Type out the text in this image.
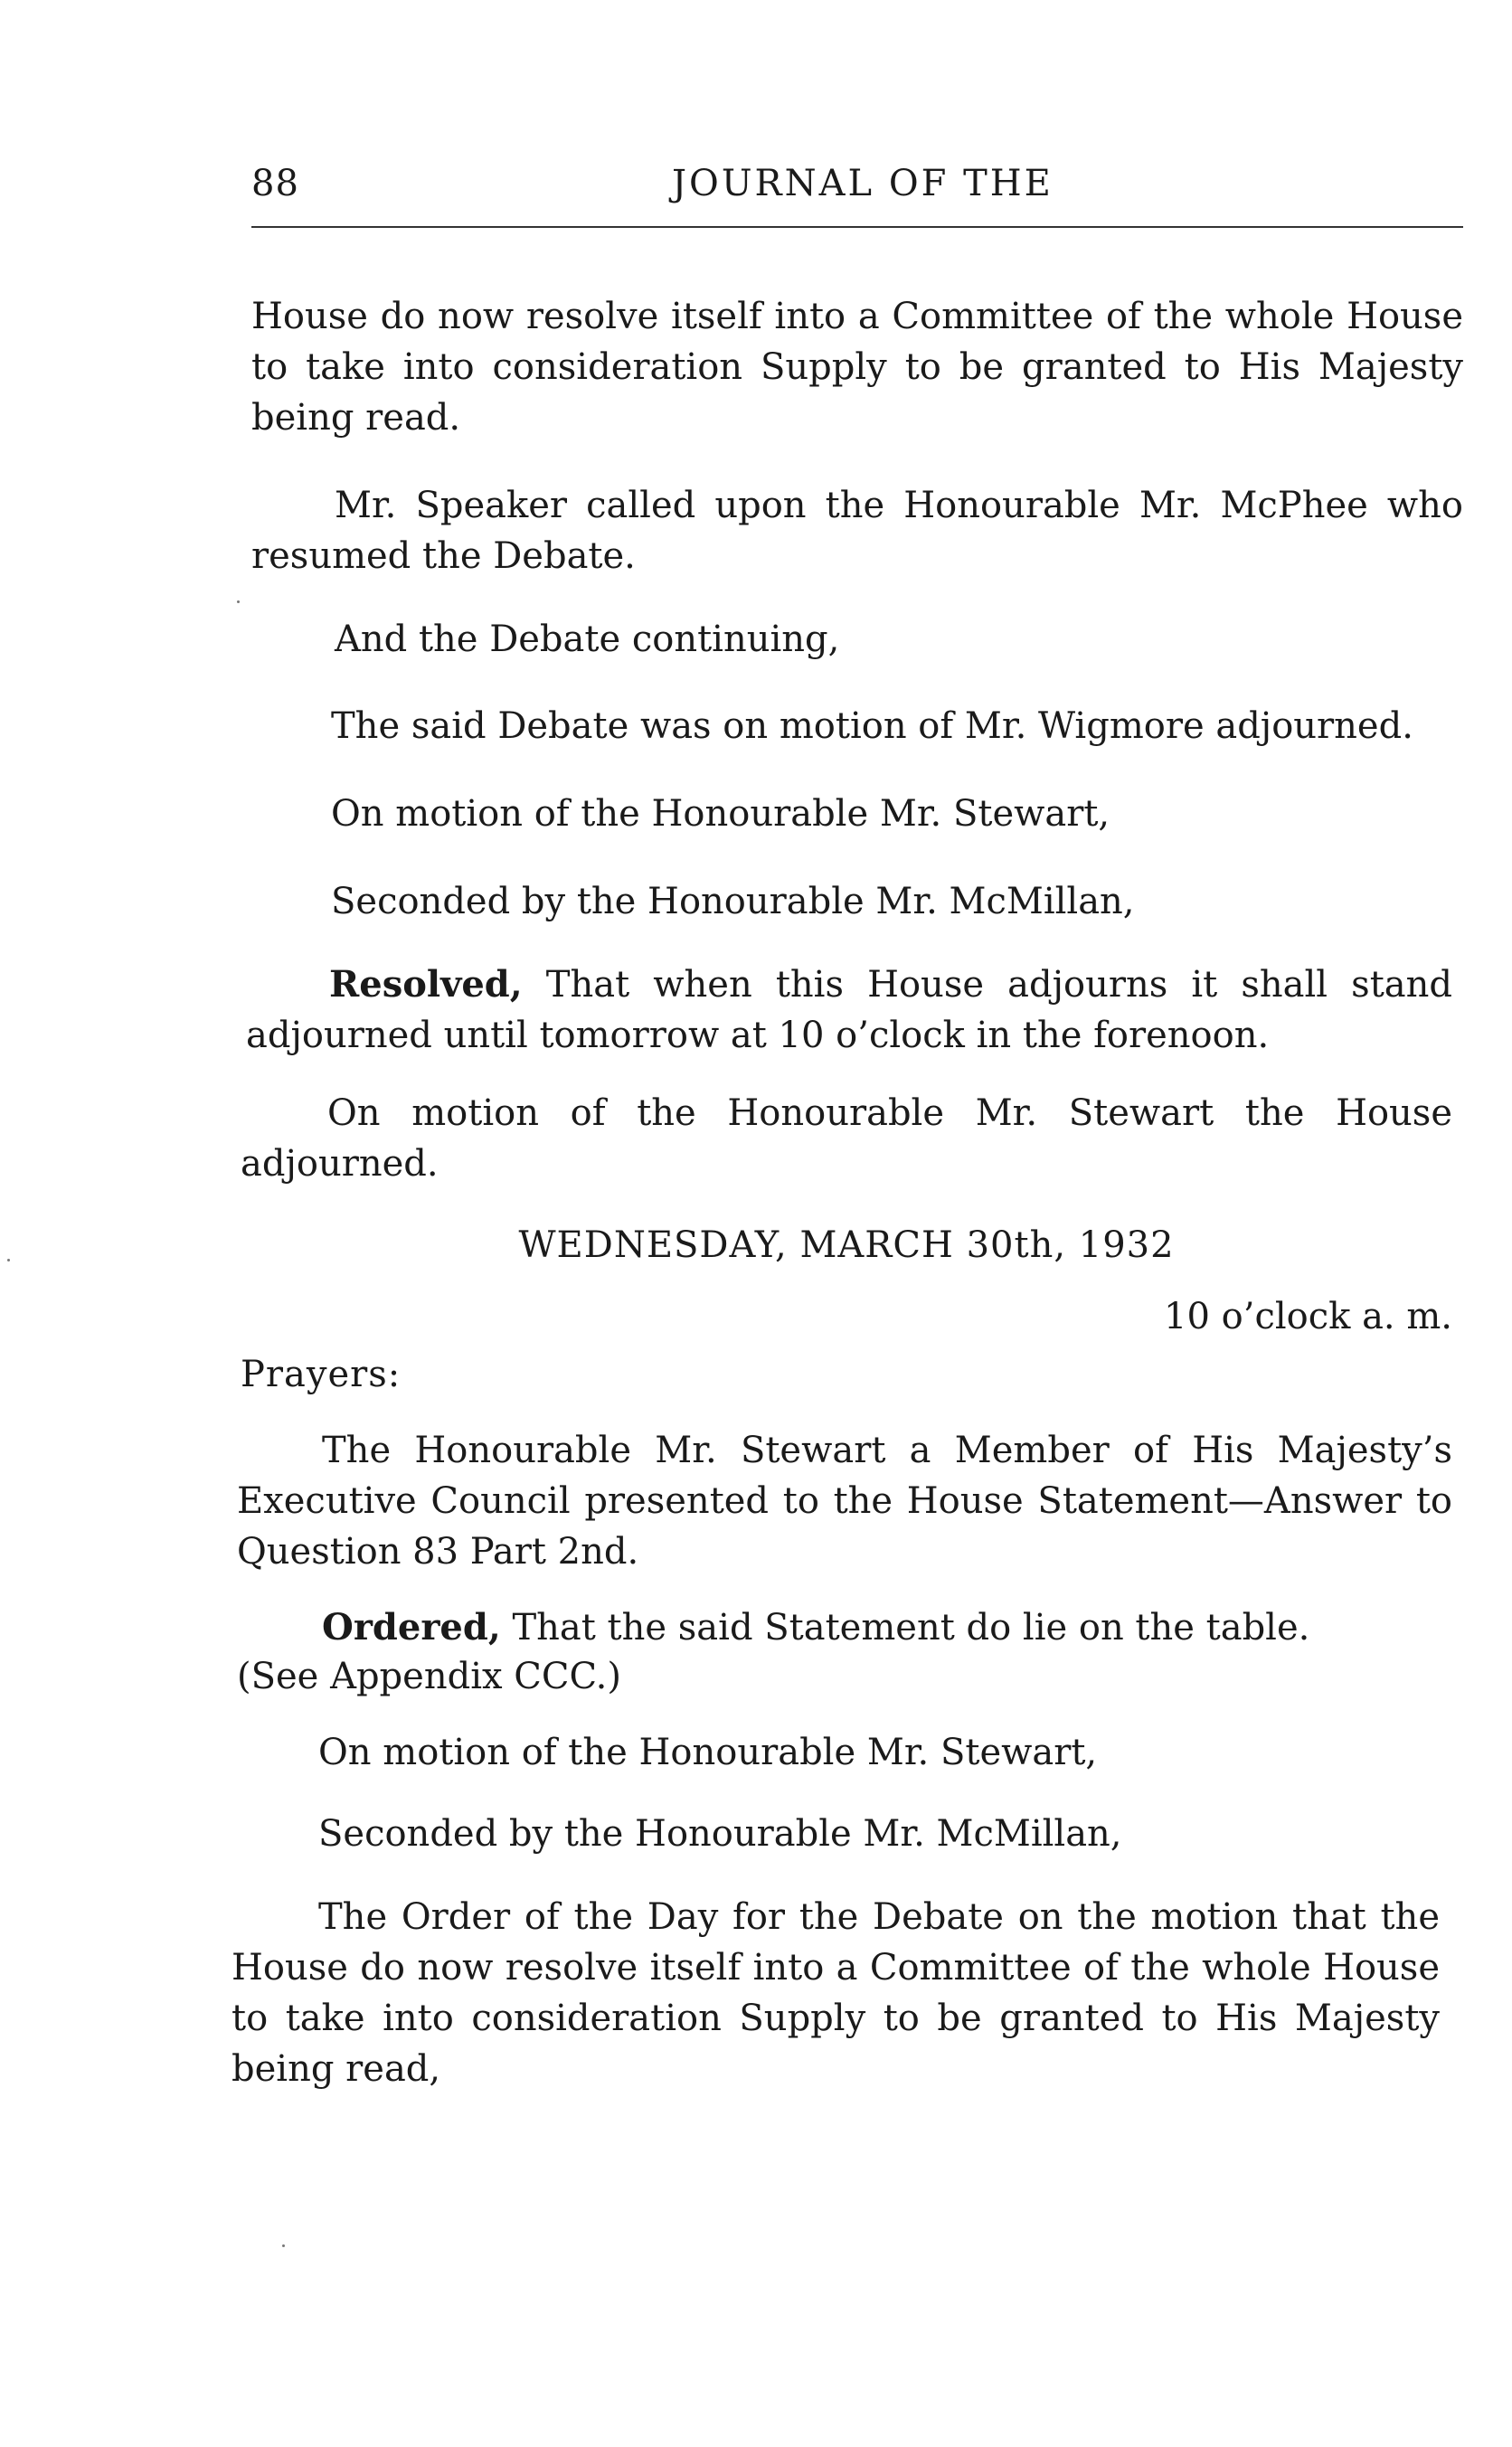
88	JOURNAL OF THE

House do now resolve itself into a Committee of the whole House to take into consideration Supply to be granted to His Majesty being read.

Mr. Speaker called upon the Honourable Mr. McPhee who resumed the Debate.

And the Debate continuing,

The said Debate was on motion of Mr. Wigmore adjourned.

On motion of the Honourable Mr. Stewart,

Seconded by the Honourable Mr. McMillan,

Resolved, That when this House adjourns it shall stand adjourned until tomorrow at 10 o’clock in the forenoon.

On motion of the Honourable Mr. Stewart the House adjourned.

WEDNESDAY, MARCH 30th, 1932

10 o’clock a. m.

Prayers:

The Honourable Mr. Stewart a Member of His Majesty’s Executive Council presented to the House Statement—Answer to Question 83 Part 2nd.

Ordered, That the said Statement do lie on the table.

(See Appendix CCC.)

On motion of the Honourable Mr. Stewart,

Seconded by the Honourable Mr. McMillan,

The Order of the Day for the Debate on the motion that the House do now resolve itself into a Committee of the whole House to take into consideration Supply to be granted to His Majesty being read,
